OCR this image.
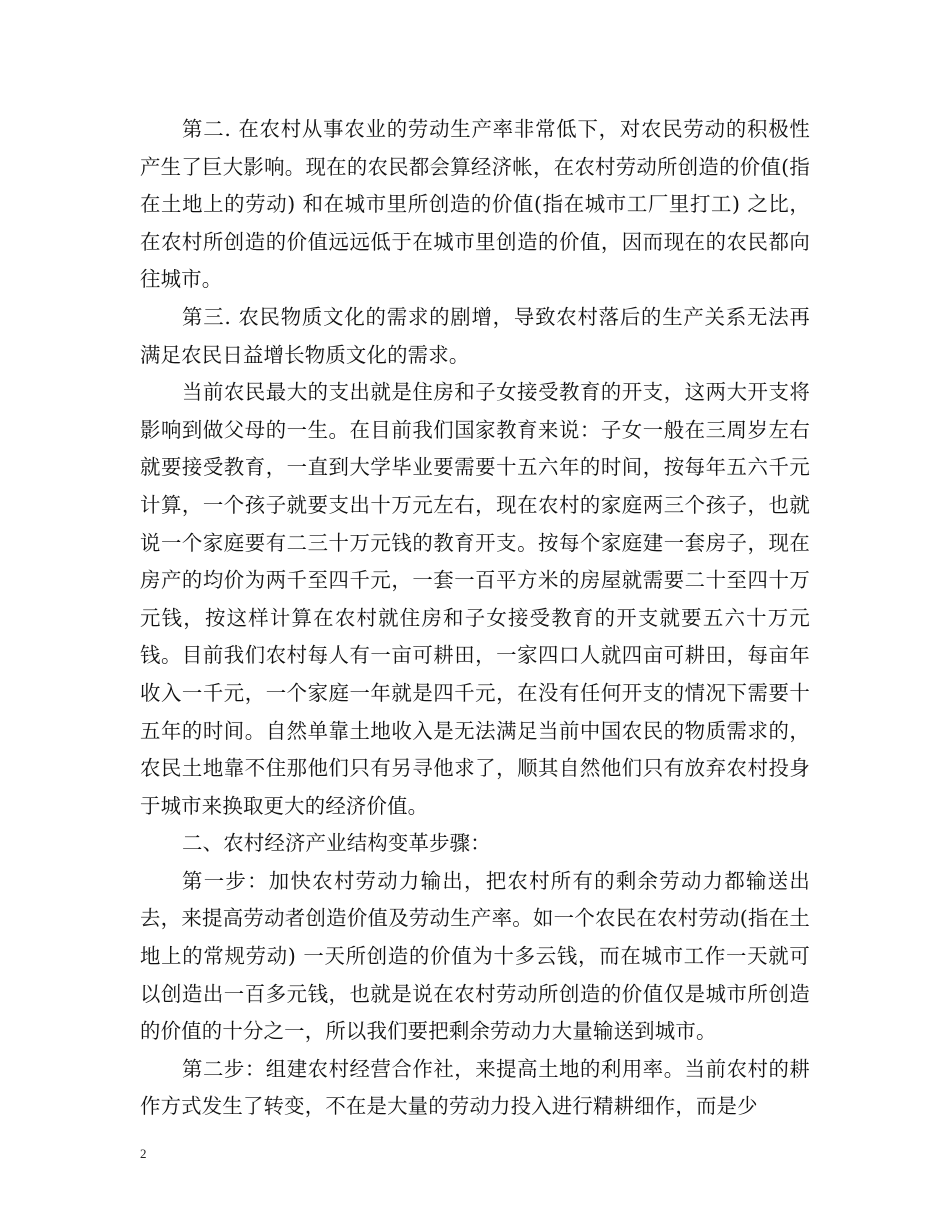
第二. 在农村从事农业的劳动生产率非常低下，对农民劳动的积极性产生了巨大影响。现在的农民都会算经济帐，在农村劳动所创造的价值(指在土地上的劳动) 和在城市里所创造的价值(指在城市工厂里打工) 之比，在农村所创造的价值远远低于在城市里创造的价值，因而现在的农民都向往城市。

第三. 农民物质文化的需求的剧增，导致农村落后的生产关系无法再满足农民日益增长物质文化的需求。

当前农民最大的支出就是住房和子女接受教育的开支，这两大开支将影响到做父母的一生。在目前我们国家教育来说：子女一般在三周岁左右就要接受教育，一直到大学毕业要需要十五六年的时间，按每年五六千元计算，一个孩子就要支出十万元左右，现在农村的家庭两三个孩子，也就说一个家庭要有二三十万元钱的教育开支。按每个家庭建一套房子，现在房产的均价为两千至四千元，一套一百平方米的房屋就需要二十至四十万元钱，按这样计算在农村就住房和子女接受教育的开支就要五六十万元钱。目前我们农村每人有一亩可耕田，一家四口人就四亩可耕田，每亩年收入一千元，一个家庭一年就是四千元，在没有任何开支的情况下需要十五年的时间。自然单靠土地收入是无法满足当前中国农民的物质需求的，农民土地靠不住那他们只有另寻他求了，顺其自然他们只有放弃农村投身于城市来换取更大的经济价值。

二、农村经济产业结构变革步骤：

第一步：加快农村劳动力输出，把农村所有的剩余劳动力都输送出去，来提高劳动者创造价值及劳动生产率。如一个农民在农村劳动(指在土地上的常规劳动) 一天所创造的价值为十多云钱，而在城市工作一天就可以创造出一百多元钱，也就是说在农村劳动所创造的价值仅是城市所创造的价值的十分之一，所以我们要把剩余劳动力大量输送到城市。

第二步：组建农村经营合作社，来提高土地的利用率。当前农村的耕作方式发生了转变，不在是大量的劳动力投入进行精耕细作，而是少

2
